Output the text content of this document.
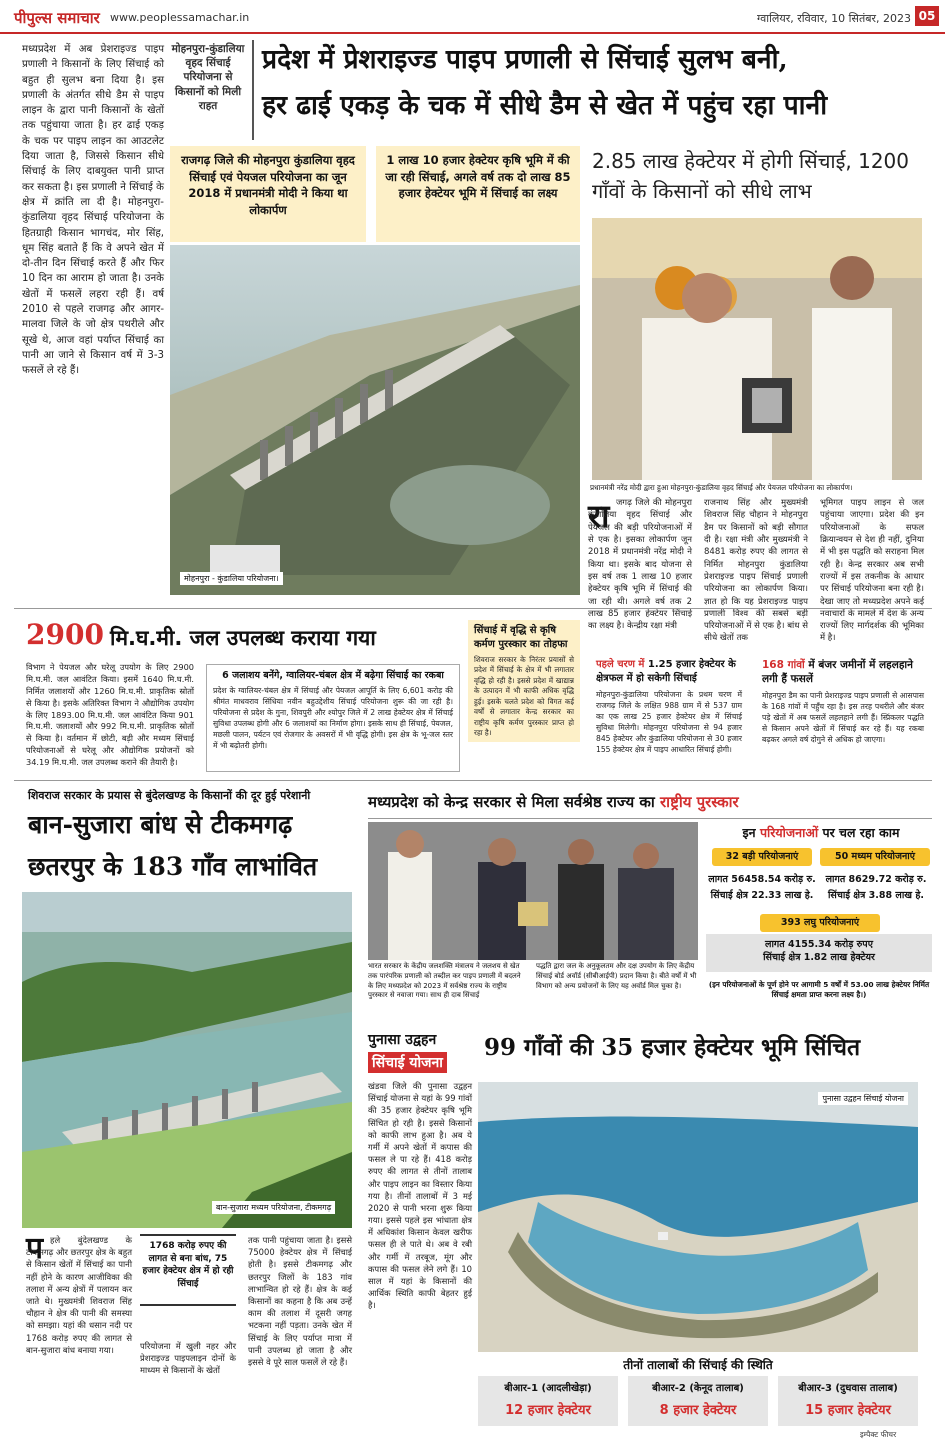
पीपुल्स समाचार www.peoplessamachar.in	ग्वालियर, रविवार, 10 सितंबर, 2023 05
मध्यप्रदेश में अब प्रेशराइज्ड पाइप प्रणाली ने किसानों के लिए सिंचाई को बहुत ही सुलभ बना दिया है। इस प्रणाली के अंतर्गत सीधे डैम से पाइप लाइन के द्वारा पानी किसानों के खेतों तक पहुंचाया जाता है। हर ढाई एकड़ के चक पर पाइप लाइन का आउटलेट दिया जाता है, जिससे किसान सीधे सिंचाई के लिए दाबयुक्त पानी प्राप्त कर सकता है। इस प्रणाली ने सिंचाई के क्षेत्र में क्रांति ला दी है। मोहनपुरा-कुंडालिया वृहद सिंचाई परियोजना के हितग्राही किसान भागचंद, मोर सिंह, धूम सिंह बताते हैं कि वे अपने खेत में दो-तीन दिन सिंचाई करते हैं और फिर 10 दिन का आराम हो जाता है। उनके खेतों में फसलें लहरा रही हैं। वर्ष 2010 से पहले राजगढ़ और आगर-मालवा जिले के जो क्षेत्र पथरीले और सूखे थे, आज वहां पर्याप्त सिंचाई का पानी आ जाने से किसान वर्ष में 3-3 फसलें ले रहे हैं।
मोहनपुरा-कुंडालिया वृहद सिंचाई परियोजना से किसानों को मिली राहत
प्रदेश में प्रेशराइज्ड पाइप प्रणाली से सिंचाई सुलभ बनी,
हर ढाई एकड़ के चक में सीधे डैम से खेत में पहुंच रहा पानी
राजगढ़ जिले की मोहनपुरा कुंडालिया वृहद सिंचाई एवं पेयजल परियोजना का जून 2018 में प्रधानमंत्री मोदी ने किया था लोकार्पण
1 लाख 10 हजार हेक्टेयर कृषि भूमि में की जा रही सिंचाई, अगले वर्ष तक दो लाख 85 हजार हेक्टेयर भूमि में सिंचाई का लक्ष्य
मोहनपुरा - कुंडालिया परियोजना।
2.85 लाख हेक्टेयर में होगी सिंचाई, 1200 गाँवों के किसानों को सीधे लाभ
प्रधानमंत्री नरेंद्र मोदी द्वारा हुआ मोहनपुरा-कुंडालिया वृहद सिंचाई और पेयजल परियोजना का लोकार्पण।
रा जगढ़ जिले की मोहनपुरा कुंडालिया वृहद सिंचाई और पेयजल की बड़ी परियोजनाओं में से एक है। इसका लोकार्पण जून 2018 में प्रधानमंत्री नरेंद्र मोदी ने किया था। इसके बाद योजना से इस वर्ष तक 1 लाख 10 हजार हेक्टेयर कृषि भूमि में सिंचाई की जा रही थी। अगले वर्ष तक 2 लाख 85 हजार हेक्टेयर सिंचाई का लक्ष्य है। केन्द्रीय रक्षा मंत्री
राजनाथ सिंह और मुख्यमंत्री शिवराज सिंह चौहान ने मोहनपुरा डैम पर किसानों को बड़ी सौगात दी है। रक्षा मंत्री और मुख्यमंत्री ने 8481 करोड़ रुपए की लागत से निर्मित मोहनपुरा कुंडालिया प्रेशराइज्ड पाइप सिंचाई प्रणाली परियोजना का लोकार्पण किया। ज्ञात हो कि यह प्रेशराइज्ड पाइप प्रणाली विश्व की सबसे बड़ी परियोजनाओं में से एक है। बांध से सीधे खेतों तक
भूमिगत पाइप लाइन से जल पहुंचाया जाएगा। प्रदेश की इन परियोजनाओं के सफल क्रियान्वयन से देश ही नहीं, दुनिया में भी इस पद्धति को सराहना मिल रही है। केन्द्र सरकार अब सभी राज्यों में इस तकनीक के आधार पर सिंचाई परियोजना बना रही है। देखा जाए तो मध्यप्रदेश अपने कई नवाचारों के मामले में देश के अन्य राज्यों लिए मार्गदर्शक की भूमिका में है।
2900 मि.घ.मी. जल उपलब्ध कराया गया
विभाग ने पेयजल और घरेलू उपयोग के लिए 2900 मि.घ.मी. जल आवंटित किया। इसमें 1640 मि.घ.मी. निर्मित जलाशयों और 1260 मि.घ.मी. प्राकृतिक स्रोतों से किया है। इसके अतिरिक्त विभाग ने औद्योगिक उपयोग के लिए 1893.00 मि.घ.मी. जल आवंटित किया 901 मि.घ.मी. जलाशयों और 992 मि.घ.मी. प्राकृतिक स्रोतों से किया है। वर्तमान में छोटी, बड़ी और मध्यम सिंचाई परियोजनाओं से घरेलू और औद्योगिक प्रयोजनों को 34.19 मि.घ.मी. जल उपलब्ध कराने की तैयारी है।
6 जलाशय बनेंगे, ग्वालियर-चंबल क्षेत्र में बढ़ेगा सिंचाई का रकबा
प्रदेश के ग्वालियर-चंबल क्षेत्र में सिंचाई और पेयजल आपूर्ति के लिए 6,601 करोड़ की श्रीमंत माधवराव सिंधिया नवीन बहुउद्देशीय सिंचाई परियोजना शुरू की जा रही है। परियोजना से प्रदेश के गुना, शिवपुरी और श्योपुर जिले में 2 लाख हेक्टेयर क्षेत्र में सिंचाई सुविधा उपलब्ध होगी और 6 जलाशयों का निर्माण होगा। इसके साथ ही सिंचाई, पेयजल, मछली पालन, पर्यटन एवं रोजगार के अवसरों में भी वृद्धि होगी। इस क्षेत्र के भू-जल स्तर में भी बढ़ोतरी होगी।
सिंचाई में वृद्धि से कृषि कर्मण पुरस्कार का तोहफा
शिवराज सरकार के निरंतर प्रयासों से प्रदेश में सिंचाई के क्षेत्र में भी लगातार वृद्धि हो रही है। इससे प्रदेश में खाद्यान्न के उत्पादन में भी काफी अधिक वृद्धि हुई। इसके चलते प्रदेश को विगत कई वर्षों से लगातार केन्द्र सरकार का राष्ट्रीय कृषि कर्मण पुरस्कार प्राप्त हो रहा है।
पहले चरण में 1.25 हजार हेक्टेयर के क्षेत्रफल में हो सकेगी सिंचाई
मोहनपुरा-कुंडालिया परियोजना के प्रथम चरण में राजगढ़ जिले के लक्षित 988 ग्राम में से 537 ग्राम का एक लाख 25 हजार हेक्टेयर क्षेत्र में सिंचाई सुविधा मिलेगी। मोहनपुरा परियोजना से 94 हजार 845 हेक्टेयर और कुंडालिया परियोजना से 30 हजार 155 हेक्टेयर क्षेत्र में पाइप आधारित सिंचाई होगी।
168 गांवों में बंजर जमीनों में लहलहाने लगी हैं फसलें
मोहनपुरा डैम का पानी प्रेशराइज्ड पाइप प्रणाली से आसपास के 168 गांवों में पहुँच रहा है। इस तरह पथरीले और बंजर पड़े खेतों में अब फसलें लहलहाने लगी हैं। स्प्रिंकलर पद्धति से किसान अपने खेतों में सिंचाई कर रहे हैं। यह रकबा बढ़कर अगले वर्ष दोगुने से अधिक हो जाएगा।
शिवराज सरकार के प्रयास से बुंदेलखण्ड के किसानों की दूर हुई परेशानी
बान-सुजारा बांध से टीकमगढ़
छतरपुर के 183 गाँव लाभांवित
बान-सुजारा मध्यम परियोजना, टीकमगढ़
प हले बुंदेलखण्ड के टीकमगढ़ और छतरपुर क्षेत्र के बहुत से किसान खेतों में सिंचाई का पानी नहीं होने के कारण आजीविका की तलाश में अन्य क्षेत्रों में पलायन कर जाते थे। मुख्यमंत्री शिवराज सिंह चौहान ने क्षेत्र की पानी की समस्या को समझा। यहां की धसान नदी पर 1768 करोड़ रुपए की लागत से बान-सुजारा बांध बनाया गया।
1768 करोड़ रुपए की लागत से बना बांध, 75 हजार हेक्टेयर क्षेत्र में हो रही सिंचाई
परियोजना में खुली नहर और प्रेशराइज्ड पाइपलाइन दोनों के माध्यम से किसानों के खेतों
तक पानी पहुंचाया जाता है। इससे 75000 हेक्टेयर क्षेत्र में सिंचाई होती है। इससे टीकमगढ़ और छतरपुर जिलों के 183 गांव लाभान्वित हो रहे हैं। क्षेत्र के कई किसानों का कहना है कि अब उन्हें काम की तलाश में दूसरी जगह भटकना नहीं पड़ता। उनके खेत में सिंचाई के लिए पर्याप्त मात्रा में पानी उपलब्ध हो जाता है और इससे वे पूरे साल फसलें ले रहे हैं।
मध्यप्रदेश को केन्द्र सरकार से मिला सर्वश्रेष्ठ राज्य का राष्ट्रीय पुरस्कार
भारत सरकार के केंद्रीय जलशक्ति मंत्रालय ने जलशय से खेत तक पारंपरिक प्रणाली को तब्दील कर पाइप प्रणाली में बदलने के लिए मध्यप्रदेश को 2023 में सर्वश्रेष्ठ राज्य के राष्ट्रीय पुरस्कार से नवाजा गया। साथ ही दाब सिंचाई
पद्धति द्वारा जल के अनुकूलतम और दक्ष उपयोग के लिए केंद्रीय सिंचाई बोर्ड अवॉर्ड (सीबीआईपी) प्रदान किया है। बीते वर्षों में भी विभाग को अन्य प्रयोजनों के लिए यह अवॉर्ड मिल चुका है।
इन परियोजनाओं पर चल रहा काम
32 बड़ी परियोजनाएं	50 मध्यम परियोजनाएं
लागत 56458.54 करोड़ रु.
सिंचाई क्षेत्र 22.33 लाख हे.
लागत 8629.72 करोड़ रु.
सिंचाई क्षेत्र 3.88 लाख हे.
393 लघु परियोजनाएं
लागत 4155.34 करोड़ रुपए
सिंचाई क्षेत्र 1.82 लाख हेक्टेयर
(इन परियोजनाओं के पूर्ण होने पर आगामी 5 वर्षों में 53.00 लाख हेक्टेयर निर्मित सिंचाई क्षमता प्राप्त करना लक्ष्य है।)
पुनासा उद्वहन
सिंचाई योजना
99 गाँवों की 35 हजार हेक्टेयर भूमि सिंचित
खंडवा जिले की पुनासा उद्वहन सिंचाई योजना से यहां के 99 गांवों की 35 हजार हेक्टेयर कृषि भूमि सिंचित हो रही है। इससे किसानों को काफी लाभ हुआ है। अब ये गर्मी में अपने खेतों में कपास की फसल ले पा रहे हैं। 418 करोड़ रुपए की लागत से तीनों तालाब और पाइप लाइन का विस्तार किया गया है। तीनों तालाबों में 3 मई 2020 से पानी भरना शुरू किया गया। इससे पहले इस भांधाता क्षेत्र में अधिकांश किसान केवल खरीफ फसल ही ले पाते थे। अब वे रबी और गर्मी में तरबूज, मूंग और कपास की फसल लेने लगे हैं। 10 साल में यहां के किसानों की आर्थिक स्थिति काफी बेहतर हुई है।
पुनासा उद्वहन सिंचाई योजना
तीनों तालाबों की सिंचाई की स्थिति
बीआर-1 (आदलीखेड़ा)
12 हजार हेक्टेयर
बीआर-2 (केनूद तालाब)
8 हजार हेक्टेयर
बीआर-3 (दुधवास तालाब)
15 हजार हेक्टेयर
इम्पैक्ट फीचर
